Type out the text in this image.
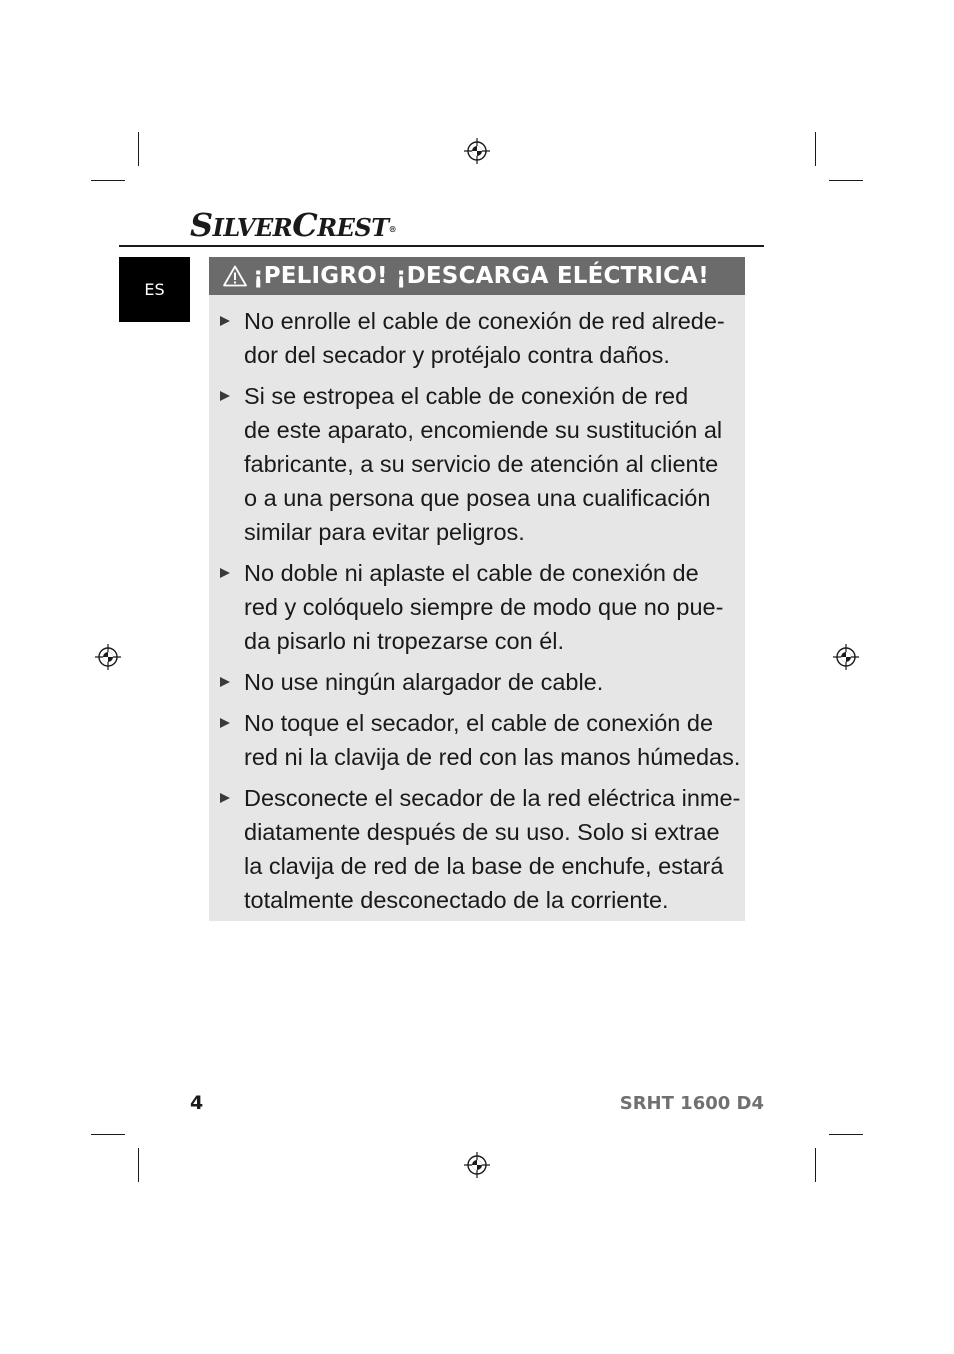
SILVERCREST®
ES
¡PELIGRO! ¡DESCARGA ELÉCTRICA!
No enrolle el cable de conexión de red alrede-
dor del secador y protéjalo contra daños.
Si se estropea el cable de conexión de red
de este aparato, encomiende su sustitución al
fabricante, a su servicio de atención al cliente
o a una persona que posea una cualificación
similar para evitar peligros.
No doble ni aplaste el cable de conexión de
red y colóquelo siempre de modo que no pue-
da pisarlo ni tropezarse con él.
No use ningún alargador de cable.
No toque el secador, el cable de conexión de
red ni la clavija de red con las manos húmedas.
Desconecte el secador de la red eléctrica inme-
diatamente después de su uso. Solo si extrae
la clavija de red de la base de enchufe, estará
totalmente desconectado de la corriente.
4	SRHT 1600 D4
